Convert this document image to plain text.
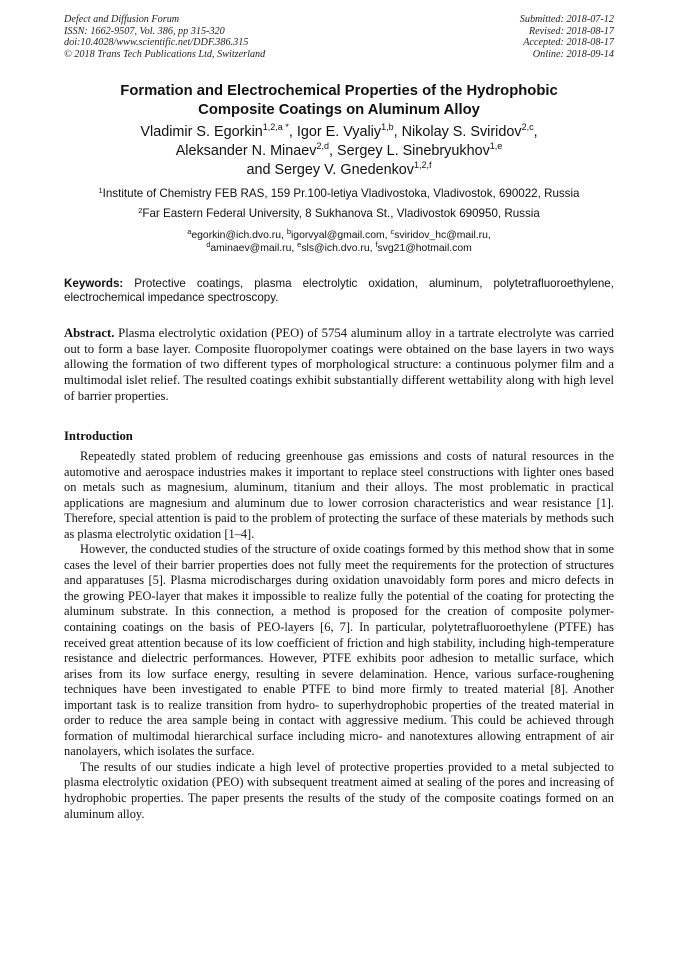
Defect and Diffusion Forum
ISSN: 1662-9507, Vol. 386, pp 315-320
doi:10.4028/www.scientific.net/DDF.386.315
© 2018 Trans Tech Publications Ltd, Switzerland
Submitted: 2018-07-12
Revised: 2018-08-17
Accepted: 2018-08-17
Online: 2018-09-14
Formation and Electrochemical Properties of the Hydrophobic
Composite Coatings on Aluminum Alloy
Vladimir S. Egorkin$^{1,2,a *}$, Igor E. Vyaliy$^{1,b}$, Nikolay S. Sviridov$^{2,c}$,
Aleksander N. Minaev$^{2,d}$, Sergey L. Sinebryukhov$^{1,e}$
and Sergey V. Gnedenkov$^{1,2,f}$
$^1$Institute of Chemistry FEB RAS, 159 Pr.100-letiya Vladivostoka, Vladivostok, 690022, Russia
$^2$Far Eastern Federal University, 8 Sukhanova St., Vladivostok 690950, Russia
$^a$egorkin@ich.dvo.ru, $^b$igorvyal@gmail.com, $^c$sviridov_hc@mail.ru,
$^d$aminaev@mail.ru, $^e$sls@ich.dvo.ru, $^f$svg21@hotmail.com
Keywords: Protective coatings, plasma electrolytic oxidation, aluminum, polytetrafluoroethylene, electrochemical impedance spectroscopy.
Abstract. Plasma electrolytic oxidation (PEO) of 5754 aluminum alloy in a tartrate electrolyte was carried out to form a base layer. Composite fluoropolymer coatings were obtained on the base layers in two ways allowing the formation of two different types of morphological structure: a continuous polymer film and a multimodal islet relief. The resulted coatings exhibit substantially different wettability along with high level of barrier properties.
Introduction

Repeatedly stated problem of reducing greenhouse gas emissions and costs of natural resources in the automotive and aerospace industries makes it important to replace steel constructions with lighter ones based on metals such as magnesium, aluminum, titanium and their alloys. The most problematic in practical applications are magnesium and aluminum due to lower corrosion characteristics and wear resistance [1]. Therefore, special attention is paid to the problem of protecting the surface of these materials by methods such as plasma electrolytic oxidation [1–4].

However, the conducted studies of the structure of oxide coatings formed by this method show that in some cases the level of their barrier properties does not fully meet the requirements for the protection of structures and apparatuses [5]. Plasma microdischarges during oxidation unavoidably form pores and micro defects in the growing PEO-layer that makes it impossible to realize fully the potential of the coating for protecting the aluminum substrate. In this connection, a method is proposed for the creation of composite polymer-containing coatings on the basis of PEO-layers [6, 7]. In particular, polytetrafluoroethylene (PTFE) has received great attention because of its low coefficient of friction and high stability, including high-temperature resistance and dielectric performances. However, PTFE exhibits poor adhesion to metallic surface, which arises from its low surface energy, resulting in severe delamination. Hence, various surface-roughening techniques have been investigated to enable PTFE to bind more firmly to treated material [8]. Another important task is to realize transition from hydro- to superhydrophobic properties of the treated material in order to reduce the area sample being in contact with aggressive medium. This could be achieved through formation of multimodal hierarchical surface including micro- and nanotextures allowing entrapment of air nanolayers, which isolates the surface.

The results of our studies indicate a high level of protective properties provided to a metal subjected to plasma electrolytic oxidation (PEO) with subsequent treatment aimed at sealing of the pores and increasing of hydrophobic properties. The paper presents the results of the study of the composite coatings formed on an aluminum alloy.
